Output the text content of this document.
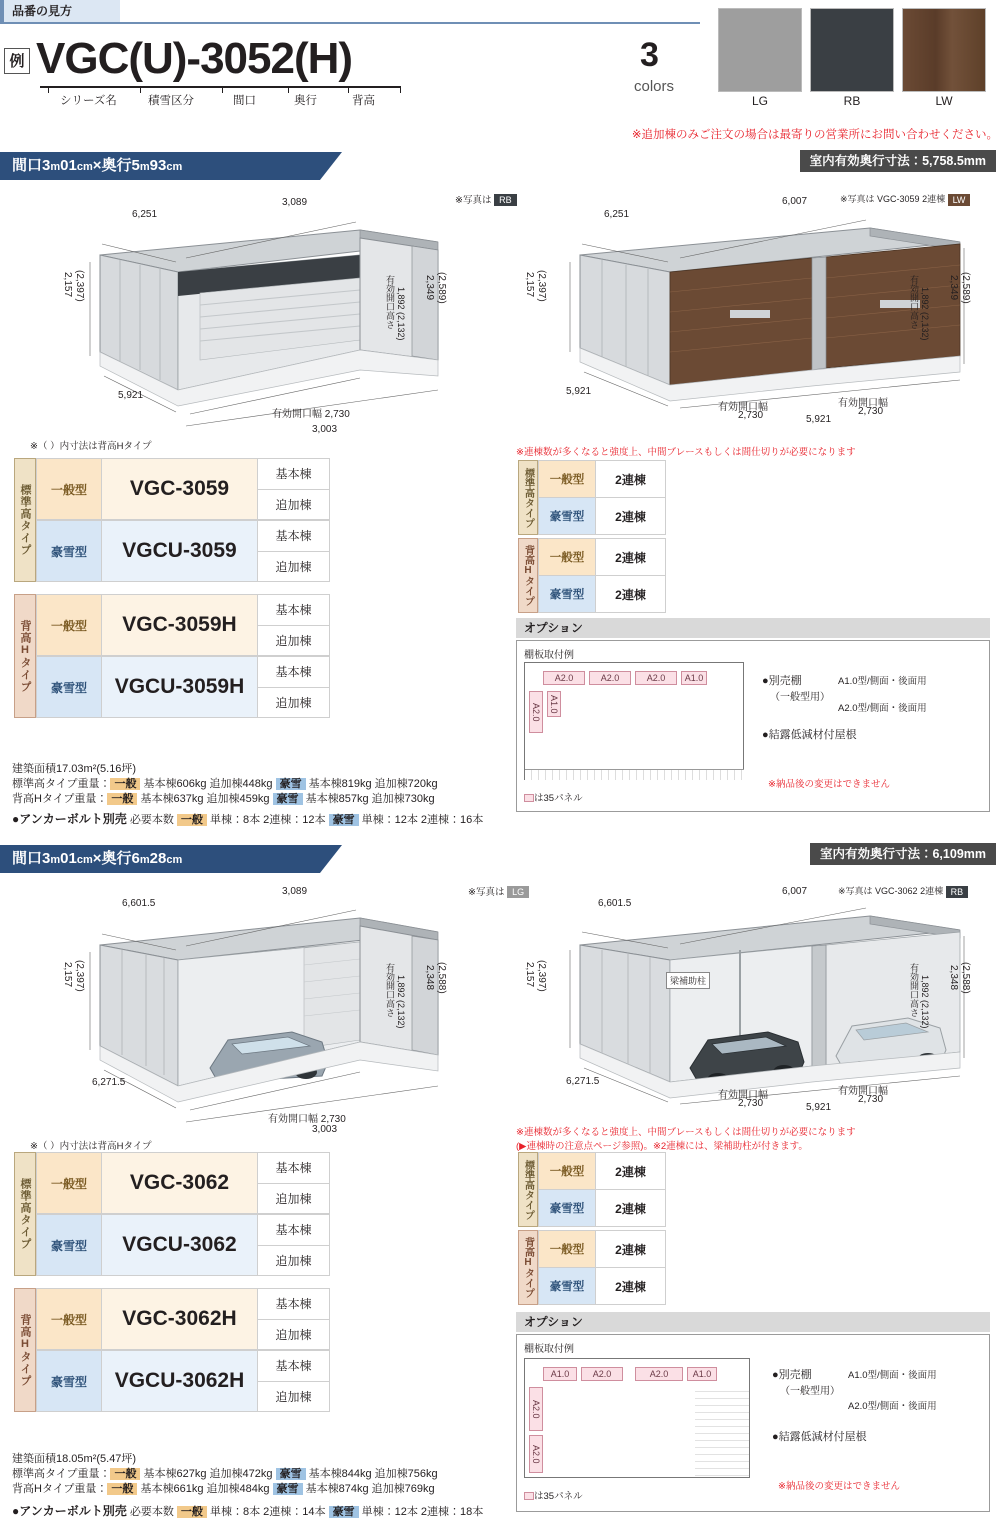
品番の見方
例 VGC(U)-3052(H)
シリーズ名	積雪区分	間口	奥行	背高
3
colors
LG	RB	LW
※追加棟のみご注文の場合は最寄りの営業所にお問い合わせください。
間口3m01cm×奥行5m93cm	室内有効奥行寸法：5,758.5mm
※写真は RB
6,251
3,089
2,157 (2,397)	有効開口高さ 1,892 (2,132) 2,349 (2,589)
5,921
有効開口幅 2,730
3,003
※（ ）内寸法は背高Hタイプ
※写真は VGC-3059 2連棟 LW
6,251
6,007
2,157 (2,397)	有効開口高さ 1,892 (2,132) 2,349 (2,589)
5,921
有効開口幅
2,730
有効開口幅
2,730
5,921
※連棟数が多くなると強度上、中間ブレースもしくは間仕切りが必要になります
標準高タイプ	一般型	VGC-3059
基本棟
追加棟
豪雪型	VGCU-3059
基本棟
追加棟
背高Hタイプ	一般型	VGC-3059H
基本棟
追加棟
豪雪型	VGCU-3059H
基本棟
追加棟
標準高タイプ	一般型	2連棟
豪雪型	2連棟
背高Hタイプ	一般型	2連棟
豪雪型	2連棟
建築面積17.03m²(5.16坪)
標準高タイプ重量： 一般 基本棟606kg 追加棟448kg 豪雪 基本棟819kg 追加棟720kg
背高Hタイプ重量： 一般 基本棟637kg 追加棟459kg 豪雪 基本棟857kg 追加棟730kg
●アンカーボルト別売 必要本数 一般 単棟：8本 2連棟：12本 豪雪 単棟：12本 2連棟：16本
オプション
棚板取付例
A2.0	A2.0	A2.0	A1.0
A2.0 A1.0
は35パネル
●別売棚	A1.0型/側面・後面用
（一般型用）
A2.0型/側面・後面用
●結露低減材付屋根
※納品後の変更はできません
間口3m01cm×奥行6m28cm	室内有効奥行寸法：6,109mm
※写真は LG
6,601.5
3,089
2,157 (2,397)	有効開口高さ 1,892 (2,132) 2,348 (2,588)
6,271.5
有効開口幅 2,730
3,003
※（ ）内寸法は背高Hタイプ
※写真は VGC-3062 2連棟 RB
6,601.5
6,007
2,157 (2,397)	梁補助柱	有効開口高さ 1,892 (2,132) 2,348 (2,588)
6,271.5
有効開口幅
2,730
有効開口幅
2,730
5,921
※連棟数が多くなると強度上、中間ブレースもしくは間仕切りが必要になります
(▶連棟時の注意点ページ参照)。※2連棟には、梁補助柱が付きます。
標準高タイプ	一般型	VGC-3062
基本棟
追加棟
豪雪型	VGCU-3062
基本棟
追加棟
背高Hタイプ	一般型	VGC-3062H
基本棟
追加棟
豪雪型	VGCU-3062H
基本棟
追加棟
標準高タイプ	一般型	2連棟
豪雪型	2連棟
背高Hタイプ	一般型	2連棟
豪雪型	2連棟
建築面積18.05m²(5.47坪)
標準高タイプ重量： 一般 基本棟627kg 追加棟472kg 豪雪 基本棟844kg 追加棟756kg
背高Hタイプ重量： 一般 基本棟661kg 追加棟484kg 豪雪 基本棟874kg 追加棟769kg
●アンカーボルト別売 必要本数 一般 単棟：8本 2連棟：14本 豪雪 単棟：12本 2連棟：18本
オプション
棚板取付例
A1.0	A2.0	A2.0	A1.0
A2.0
A2.0
は35パネル
●別売棚	A1.0型/側面・後面用
（一般型用）
A2.0型/側面・後面用
●結露低減材付屋根
※納品後の変更はできません
